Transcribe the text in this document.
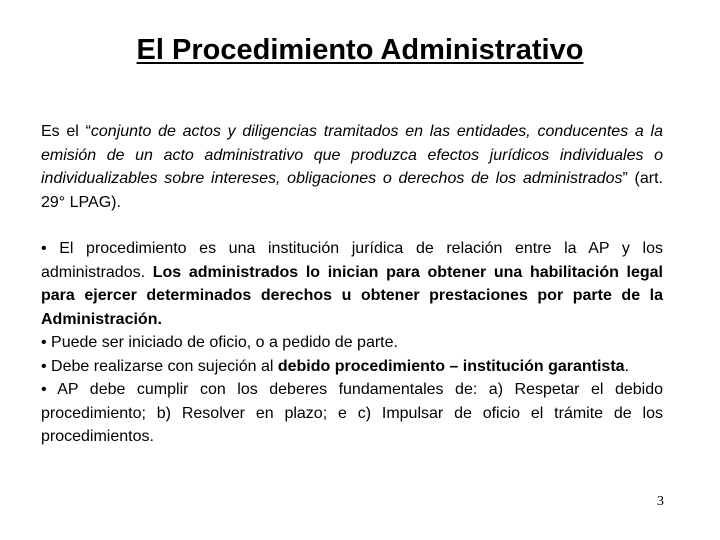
El Procedimiento Administrativo

Es el “conjunto de actos y diligencias tramitados en las entidades, conducentes a la emisión de un acto administrativo que produzca efectos jurídicos individuales o individualizables sobre intereses, obligaciones o derechos de los administrados” (art. 29° LPAG).

• El procedimiento es una institución jurídica de relación entre la AP y los administrados. Los administrados lo inician para obtener una habilitación legal para ejercer determinados derechos u obtener prestaciones por parte de la Administración.

• Puede ser iniciado de oficio, o a pedido de parte.

• Debe realizarse con sujeción al debido procedimiento – institución garantista.

• AP debe cumplir con los deberes fundamentales de: a) Respetar el debido procedimiento; b) Resolver en plazo; e c) Impulsar de oficio el trámite de los procedimientos.

3
